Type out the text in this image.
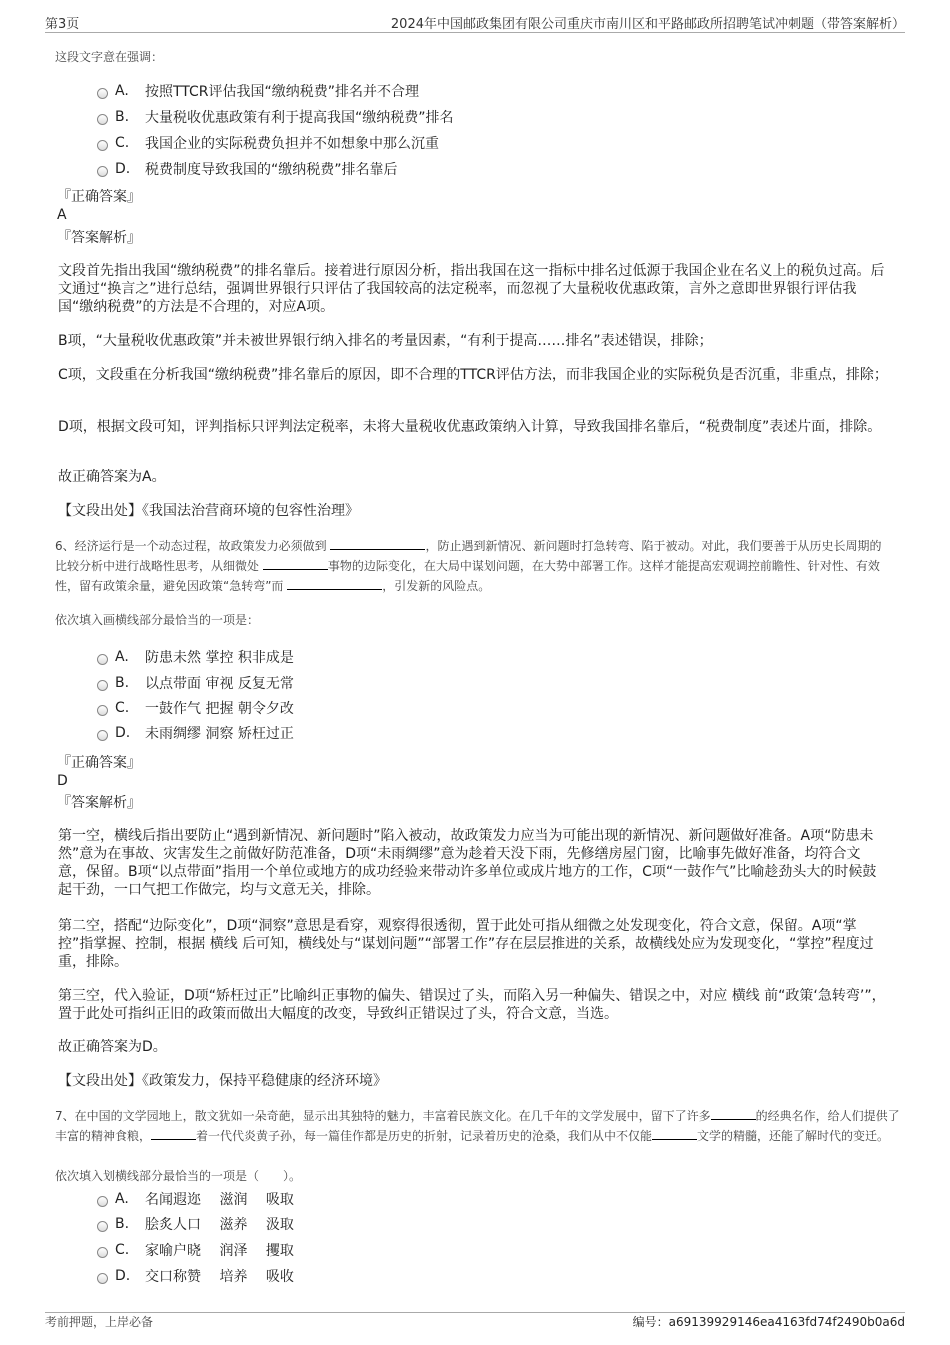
第3页	2024年中国邮政集团有限公司重庆市南川区和平路邮政所招聘笔试冲刺题（带答案解析）
这段文字意在强调：
A.	按照TTCR评估我国“缴纳税费”排名并不合理
B.	大量税收优惠政策有利于提高我国“缴纳税费”排名
C.	我国企业的实际税费负担并不如想象中那么沉重
D.	税费制度导致我国的“缴纳税费”排名靠后
『正确答案』
A
『答案解析』
文段首先指出我国“缴纳税费”的排名靠后。接着进行原因分析，指出我国在这一指标中排名过低源于我国企业在名义上的税负过高。后文通过“换言之”进行总结，强调世界银行只评估了我国较高的法定税率，而忽视了大量税收优惠政策，言外之意即世界银行评估我国“缴纳税费”的方法是不合理的，对应A项。
B项，“大量税收优惠政策”并未被世界银行纳入排名的考量因素，“有利于提高……排名”表述错误，排除；
C项，文段重在分析我国“缴纳税费”排名靠后的原因，即不合理的TTCR评估方法，而非我国企业的实际税负是否沉重，非重点，排除；
D项，根据文段可知，评判指标只评判法定税率，未将大量税收优惠政策纳入计算，导致我国排名靠后，“税费制度”表述片面，排除。
故正确答案为A。
【文段出处】《我国法治营商环境的包容性治理》
6、经济运行是一个动态过程，故政策发力必须做到	，防止遇到新情况、新问题时打急转弯、陷于被动。对此，我们要善于从历史长周期的比较分析中进行战略性思考，从细微处	事物的边际变化，在大局中谋划问题，在大势中部署工作。这样才能提高宏观调控前瞻性、针对性、有效性，留有政策余量，避免因政策“急转弯”而	，引发新的风险点。
依次填入画横线部分最恰当的一项是：
A.	防患未然 掌控 积非成是
B.	以点带面 审视 反复无常
C.	一鼓作气 把握 朝令夕改
D.	未雨绸缪 洞察 矫枉过正
『正确答案』
D
『答案解析』
第一空，横线后指出要防止“遇到新情况、新问题时”陷入被动，故政策发力应当为可能出现的新情况、新问题做好准备。A项“防患未然”意为在事故、灾害发生之前做好防范准备，D项“未雨绸缪”意为趁着天没下雨，先修缮房屋门窗，比喻事先做好准备，均符合文意，保留。B项“以点带面”指用一个单位或地方的成功经验来带动许多单位或成片地方的工作，C项“一鼓作气”比喻趁劲头大的时候鼓起干劲，一口气把工作做完，均与文意无关，排除。
第二空，搭配“边际变化”，D项“洞察”意思是看穿，观察得很透彻，置于此处可指从细微之处发现变化，符合文意，保留。A项“掌控”指掌握、控制，根据 横线 后可知，横线处与“谋划问题”“部署工作”存在层层推进的关系，故横线处应为发现变化，“掌控”程度过重，排除。
第三空，代入验证，D项“矫枉过正”比喻纠正事物的偏失、错误过了头，而陷入另一种偏失、错误之中，对应 横线 前“政策‘急转弯’”，置于此处可指纠正旧的政策而做出大幅度的改变，导致纠正错误过了头，符合文意，当选。
故正确答案为D。
【文段出处】《政策发力，保持平稳健康的经济环境》
7、在中国的文学园地上，散文犹如一朵奇葩，显示出其独特的魅力，丰富着民族文化。在几千年的文学发展中，留下了许多	的经典名作，给人们提供了丰富的精神食粮，	着一代代炎黄子孙，每一篇佳作都是历史的折射，记录着历史的沧桑，我们从中不仅能	文学的精髓，还能了解时代的变迁。
依次填入划横线部分最恰当的一项是（　　）。
A.	名闻遐迩　 滋润　 吸取
B.	脍炙人口　 滋养　 汲取
C.	家喻户晓　 润泽　 攫取
D.	交口称赞　 培养　 吸收
考前押题，上岸必备	编号：a69139929146ea4163fd74f2490b0a6d
